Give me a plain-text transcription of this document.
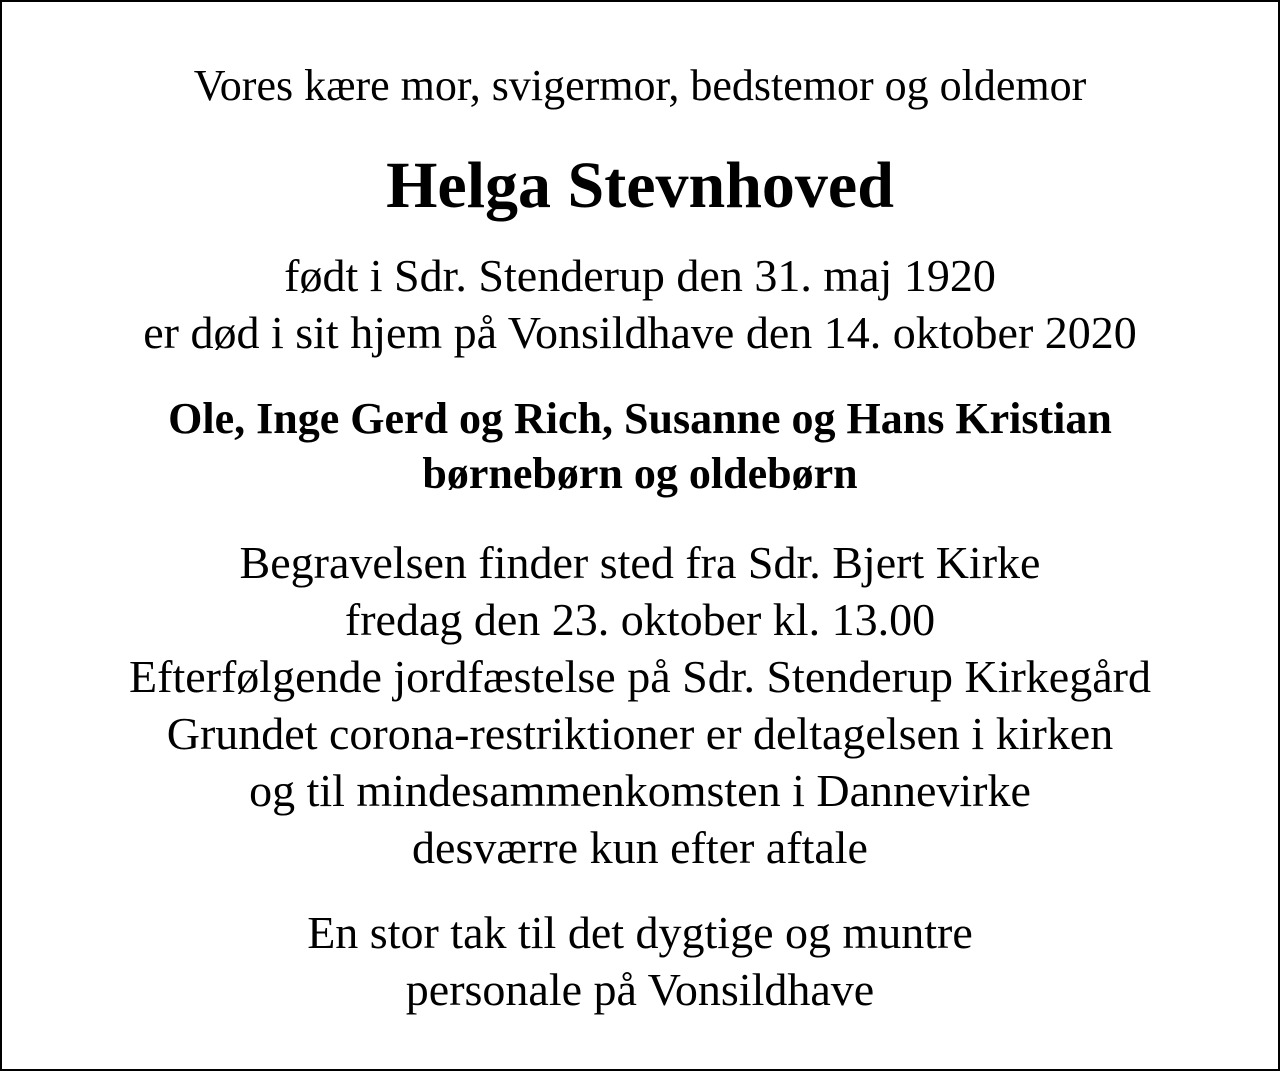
Vores kære mor, svigermor, bedstemor og oldemor
Helga Stevnhoved
født i Sdr. Stenderup den 31. maj 1920
er død i sit hjem på Vonsildhave den 14. oktober 2020
Ole, Inge Gerd og Rich, Susanne og Hans Kristian
børnebørn og oldebørn
Begravelsen finder sted fra Sdr. Bjert Kirke
fredag den 23. oktober kl. 13.00
Efterfølgende jordfæstelse på Sdr. Stenderup Kirkegård
Grundet corona-restriktioner er deltagelsen i kirken
og til mindesammenkomsten i Dannevirke
desværre kun efter aftale
En stor tak til det dygtige og muntre
personale på Vonsildhave
